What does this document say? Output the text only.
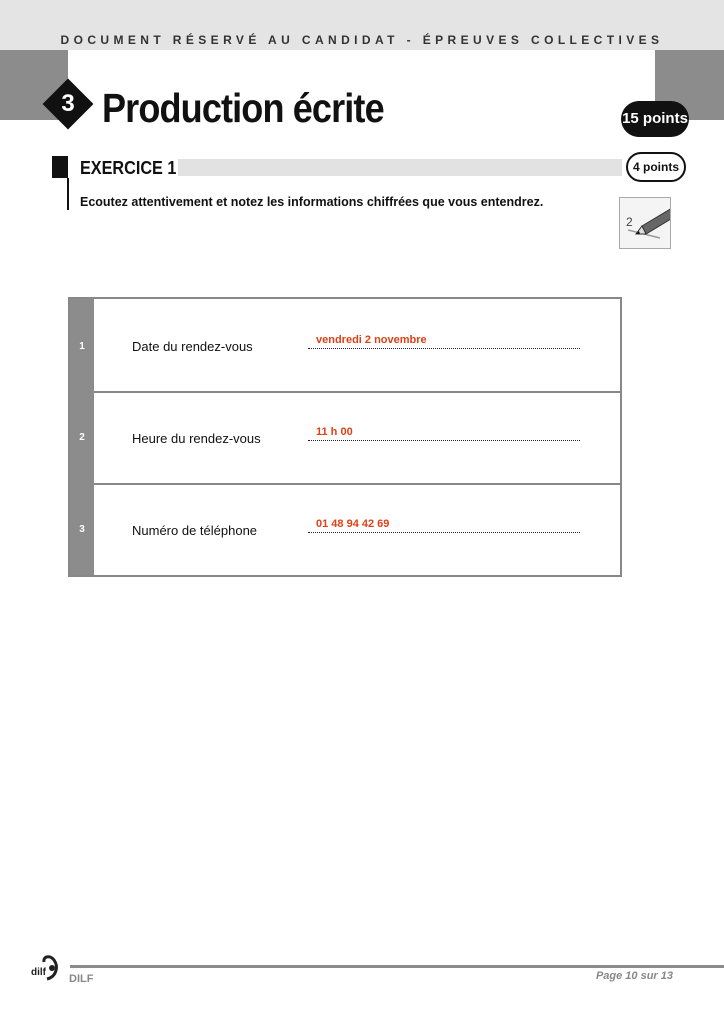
DOCUMENT RÉSERVÉ AU CANDIDAT - ÉPREUVES COLLECTIVES
3 Production écrite	15 points
EXERCICE 1	4 points
Ecoutez attentivement et notez les informations chiffrées que vous entendrez.
2
1	Date du rendez-vous	vendredi 2 novembre
2	Heure du rendez-vous	11 h 00
3	Numéro de téléphone	01 48 94 42 69
dilf
DILF	Page 10 sur 13
